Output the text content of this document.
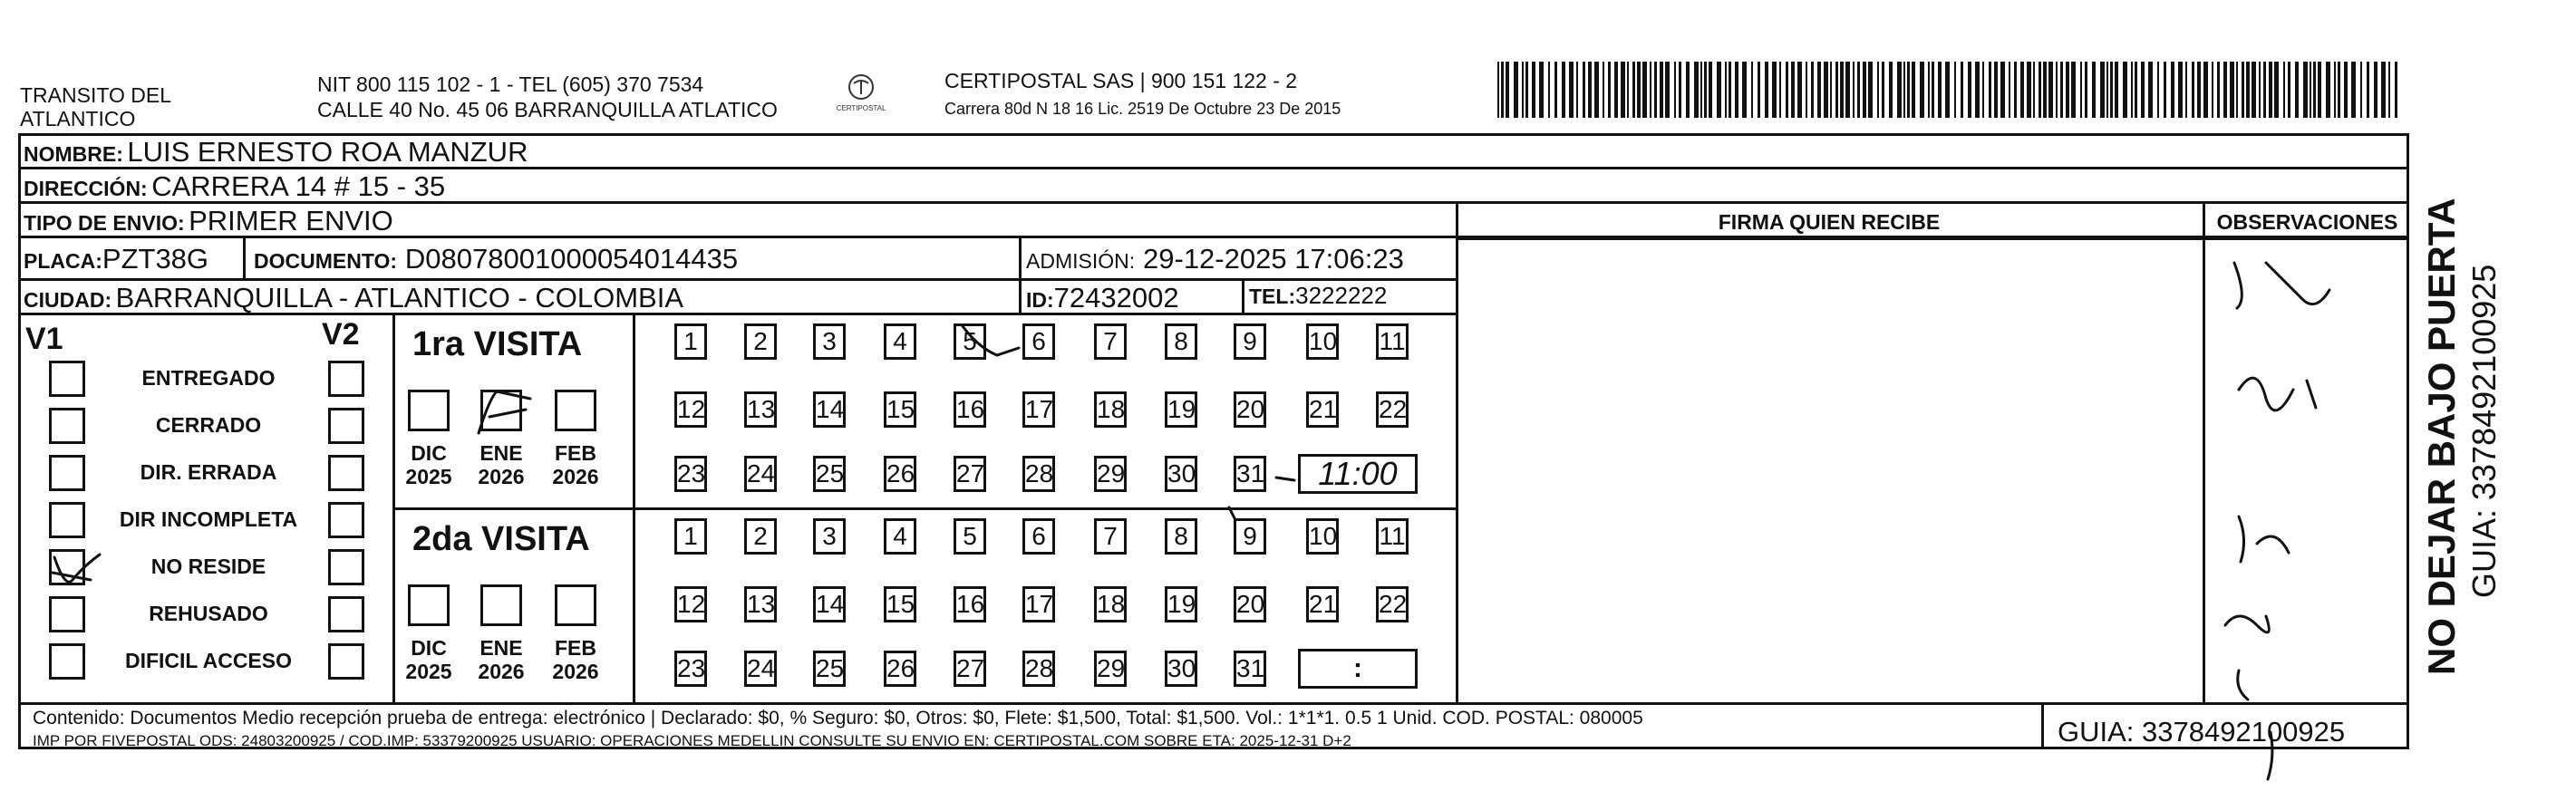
TRANSITO DEL
ATLANTICO
NIT 800 115 102 - 1 - TEL (605) 370 7534
CALLE 40 No. 45 06 BARRANQUILLA ATLATICO	CERTIPOSTAL
CERTIPOSTAL SAS | 900 151 122 - 2
Carrera 80d N 18 16 Lic. 2519 De Octubre 23 De 2015
NOMBRE: LUIS ERNESTO ROA MANZUR
DIRECCIÓN: CARRERA 14 # 15 - 35
TIPO DE ENVIO: PRIMER ENVIO
PLACA:PZT38G DOCUMENTO: D08078001000054014435	ADMISIÓN: 29-12-2025 17:06:23
CIUDAD: BARRANQUILLA - ATLANTICO - COLOMBIA	ID:72432002	TEL:3222222
FIRMA QUIEN RECIBE	OBSERVACIONES
V1	V2
ENTREGADO
CERRADO
DIR. ERRADA
DIR INCOMPLETA
NO RESIDE
REHUSADO
DIFICIL ACCESO
1ra VISITA
DIC
2025
ENE
2026
FEB
2026
1	2	3	4	5	6	7	8	9	10 11
12 13 14 15 16 17 18 19 20 21 22
23 24 25 26 27 28 29 30 31	11:00
2da VISITA
DIC
2025
ENE
2026
FEB
2026
1	2	3	4	5	6	7	8	9	10 11
12 13 14 15 16 17 18 19 20 21 22
23 24 25 26 27 28 29 30 31	:
Contenido: Documentos Medio recepción prueba de entrega: electrónico | Declarado: $0, % Seguro: $0, Otros: $0, Flete: $1,500, Total: $1,500. Vol.: 1*1*1. 0.5 1 Unid. COD. POSTAL: 080005
IMP POR FIVEPOSTAL ODS: 24803200925 / COD.IMP: 53379200925 USUARIO: OPERACIONES MEDELLIN CONSULTE SU ENVIO EN: CERTIPOSTAL.COM SOBRE ETA: 2025-12-31 D+2	GUIA: 3378492100925
NO DEJAR BAJO PUERTA GUIA: 3378492100925
